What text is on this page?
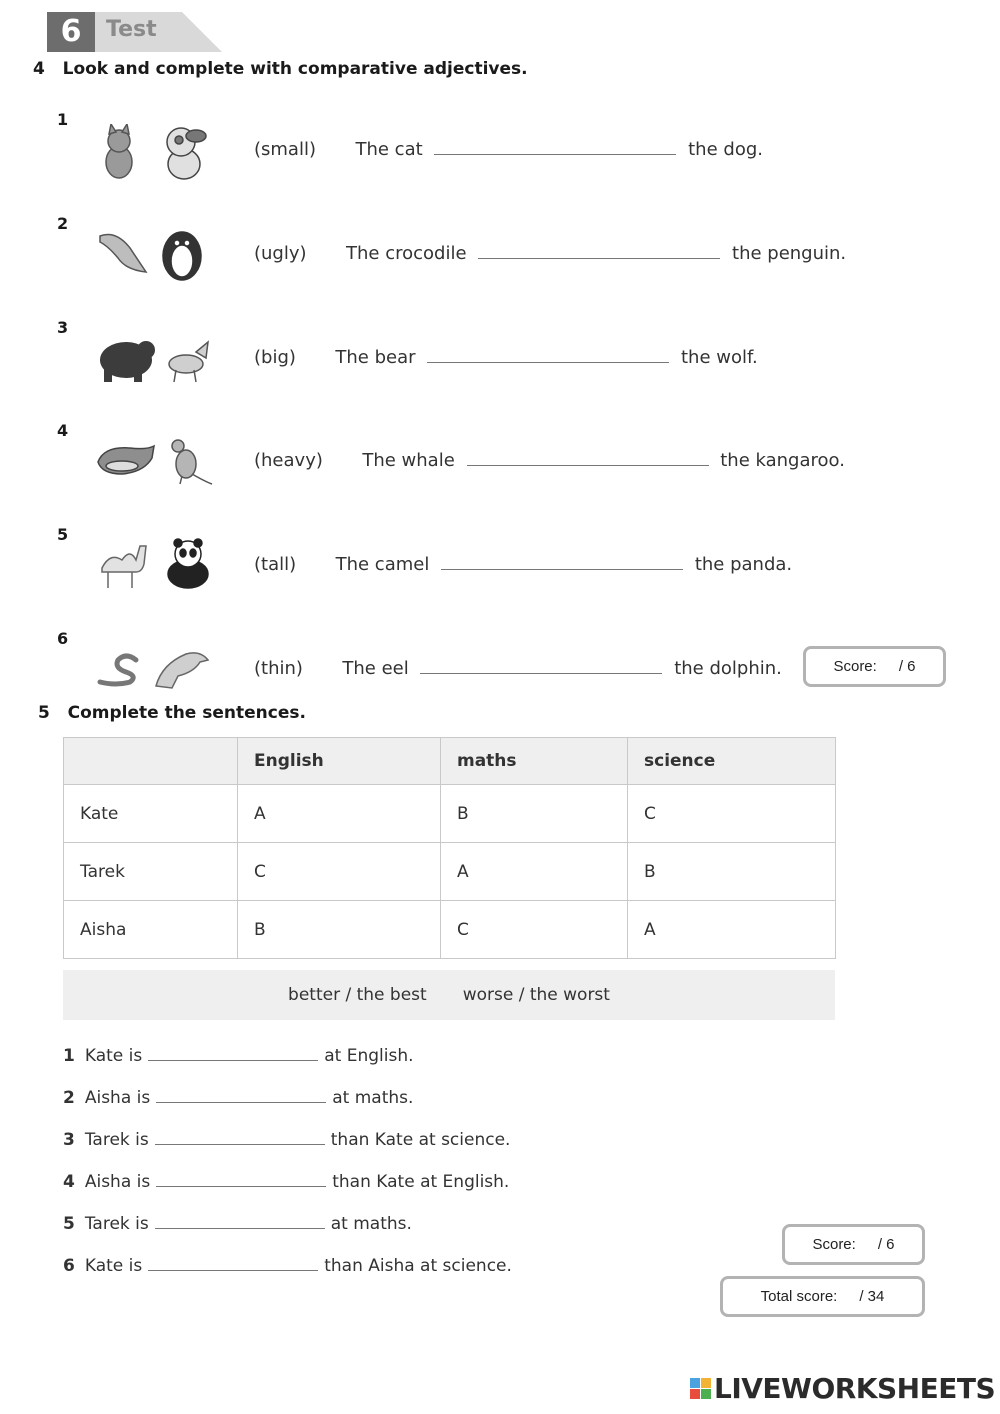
6	Test
4 Look and complete with comparative adjectives.
1
(small) The cat	the dog.
2
(ugly) The crocodile	the penguin.
3
(big) The bear	the wolf.
4
(heavy) The whale	the kangaroo.
5
(tall) The camel	the panda.
6
(thin) The eel	the dolphin.	Score: / 6
5 Complete the sentences.
	English	maths	science
Kate	A	B	C
Tarek	C	A	B
Aisha	B	C	A
better / the best worse / the worst
1 Kate is	at English.
2 Aisha is	at maths.
3 Tarek is	than Kate at science.
4 Aisha is	than Kate at English.
5 Tarek is	at maths.
6 Kate is	than Aisha at science.
Score: / 6
Total score: / 34
LIVEWORKSHEETS
